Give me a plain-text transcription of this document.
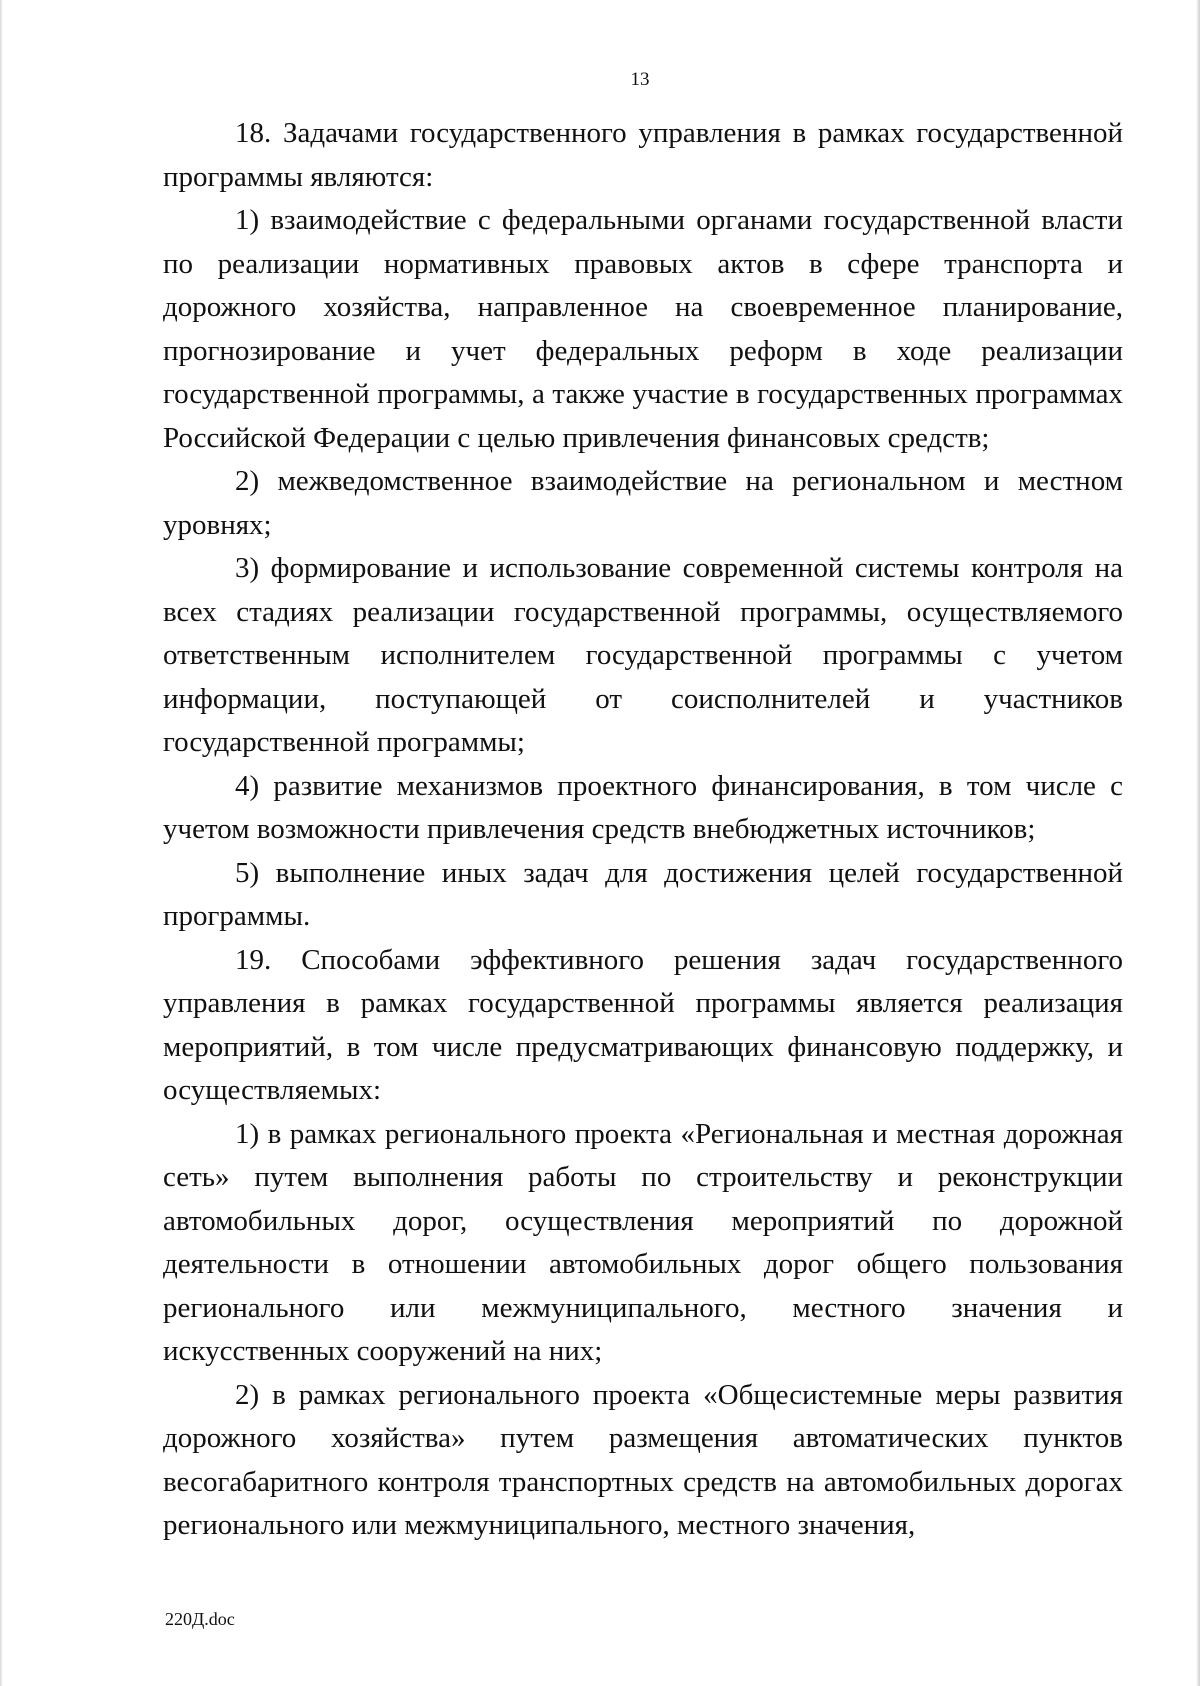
13

18. Задачами государственного управления в рамках государственной программы являются:

1) взаимодействие с федеральными органами государственной власти по реализации нормативных правовых актов в сфере транспорта и дорожного хозяйства, направленное на своевременное планирование, прогнозирование и учет федеральных реформ в ходе реализации государственной программы, а также участие в государственных программах Российской Федерации с целью привлечения финансовых средств;

2) межведомственное взаимодействие на региональном и местном уровнях;

3) формирование и использование современной системы контроля на всех стадиях реализации государственной программы, осуществляемого ответственным исполнителем государственной программы с учетом информации, поступающей от соисполнителей и участников государственной программы;

4) развитие механизмов проектного финансирования, в том числе с учетом возможности привлечения средств внебюджетных источников;

5) выполнение иных задач для достижения целей государственной программы.

19. Способами эффективного решения задач государственного управления в рамках государственной программы является реализация мероприятий, в том числе предусматривающих финансовую поддержку, и осуществляемых:

1) в рамках регионального проекта «Региональная и местная дорожная сеть» путем выполнения работы по строительству и реконструкции автомобильных дорог, осуществления мероприятий по дорожной деятельности в отношении автомобильных дорог общего пользования регионального или межмуниципального, местного значения и искусственных сооружений на них;

2) в рамках регионального проекта «Общесистемные меры развития дорожного хозяйства» путем размещения автоматических пунктов весогабаритного контроля транспортных средств на автомобильных дорогах регионального или межмуниципального, местного значения,

220Д.doc
